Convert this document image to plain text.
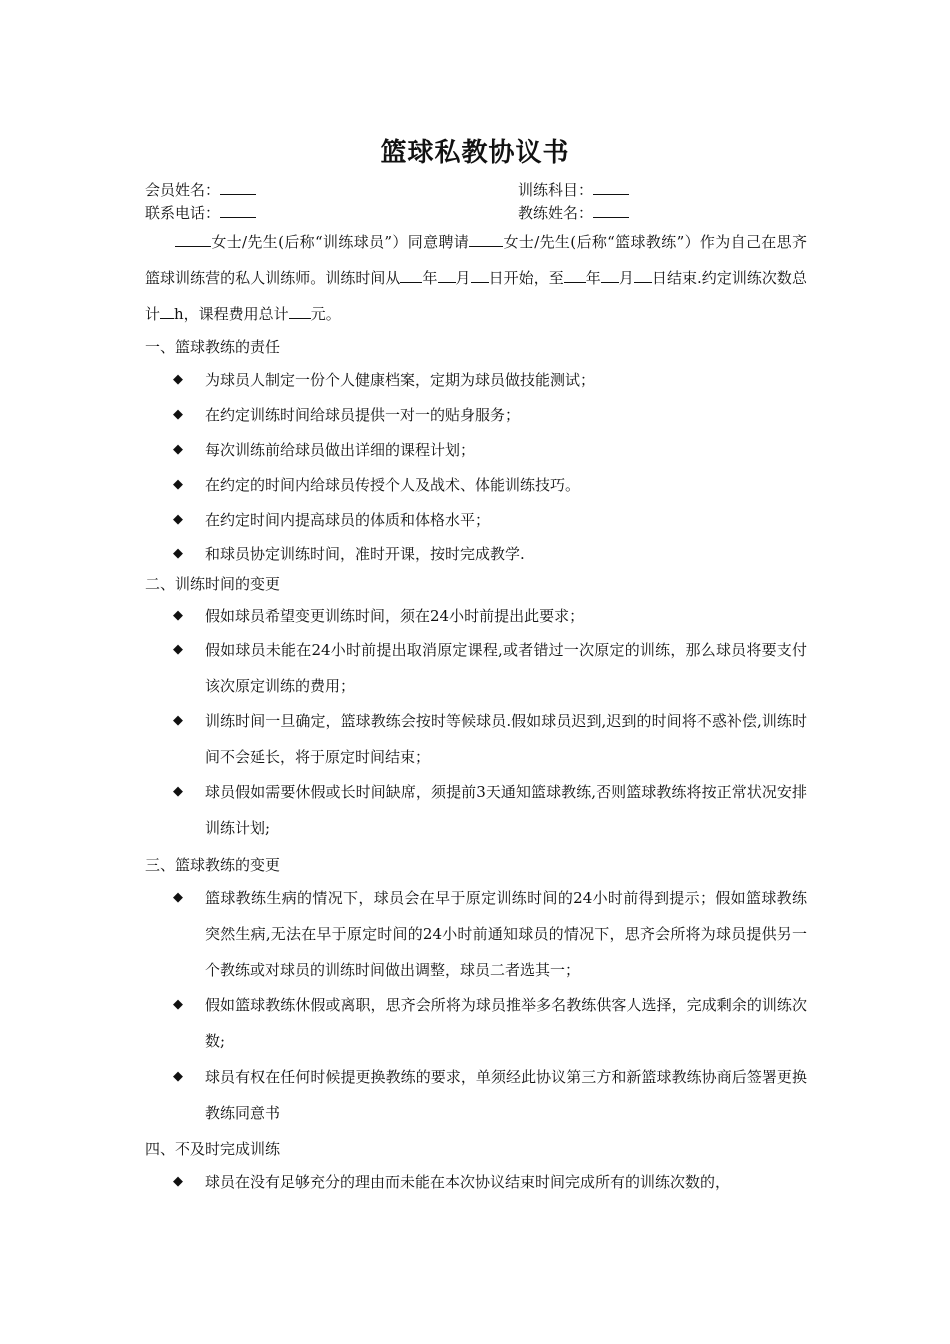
篮球私教协议书
会员姓名：	训练科目：
联系电话：	教练姓名：
女士/先生(后称“训练球员”）同意聘请 女士/先生(后称“篮球教练”）作为自己在思齐篮球训练营的私人训练师。训练时间从 年 月 日开始，至 年 月 日结束.约定训练次数总计 h，课程费用总计 元。
一、篮球教练的责任
◆ 为球员人制定一份个人健康档案，定期为球员做技能测试；
◆ 在约定训练时间给球员提供一对一的贴身服务；
◆ 每次训练前给球员做出详细的课程计划；
◆ 在约定的时间内给球员传授个人及战术、体能训练技巧。
◆ 在约定时间内提高球员的体质和体格水平；
◆ 和球员协定训练时间，准时开课，按时完成教学.
二、训练时间的变更
◆ 假如球员希望变更训练时间，须在24小时前提出此要求；
◆ 假如球员未能在24小时前提出取消原定课程,或者错过一次原定的训练，那么球员将要支付该次原定训练的费用；
◆ 训练时间一旦确定，篮球教练会按时等候球员.假如球员迟到,迟到的时间将不惑补偿,训练时间不会延长，将于原定时间结束；
◆ 球员假如需要休假或长时间缺席，须提前3天通知篮球教练,否则篮球教练将按正常状况安排训练计划;
三、篮球教练的变更
◆ 篮球教练生病的情况下，球员会在早于原定训练时间的24小时前得到提示；假如篮球教练突然生病,无法在早于原定时间的24小时前通知球员的情况下，思齐会所将为球员提供另一个教练或对球员的训练时间做出调整，球员二者选其一；
◆ 假如篮球教练休假或离职，思齐会所将为球员推举多名教练供客人选择，完成剩余的训练次数;
◆ 球员有权在任何时候提更换教练的要求，单须经此协议第三方和新篮球教练协商后签署更换教练同意书
四、不及时完成训练
◆ 球员在没有足够充分的理由而未能在本次协议结束时间完成所有的训练次数的，
